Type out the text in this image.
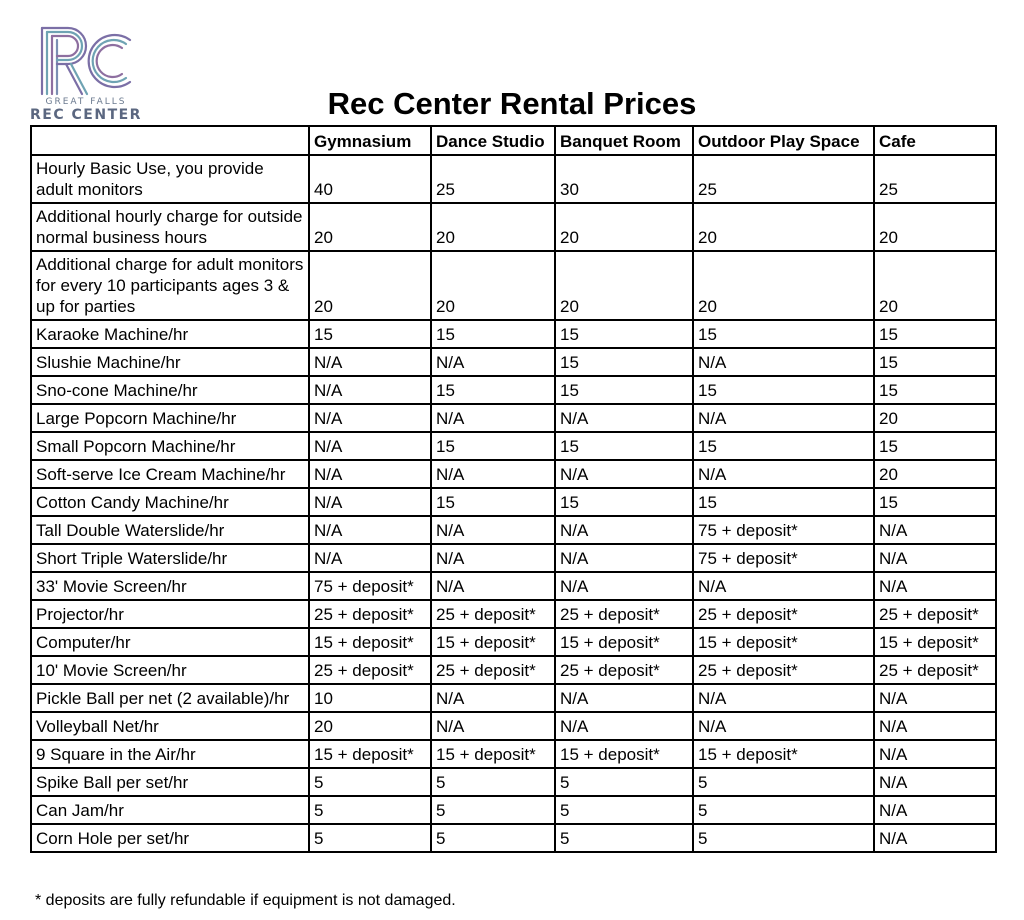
GREAT FALLS
REC CENTER	Rec Center Rental Prices
	Gymnasium	Dance Studio	Banquet Room	Outdoor Play Space	Cafe
Hourly Basic Use, you provide adult monitors	40	25	30	25	25
Additional hourly charge for outside normal business hours	20	20	20	20	20
Additional charge for adult monitors for every 10 participants ages 3 & up for parties	20	20	20	20	20
Karaoke Machine/hr	15	15	15	15	15
Slushie Machine/hr	N/A	N/A	15	N/A	15
Sno-cone Machine/hr	N/A	15	15	15	15
Large Popcorn Machine/hr	N/A	N/A	N/A	N/A	20
Small Popcorn Machine/hr	N/A	15	15	15	15
Soft-serve Ice Cream Machine/hr	N/A	N/A	N/A	N/A	20
Cotton Candy Machine/hr	N/A	15	15	15	15
Tall Double Waterslide/hr	N/A	N/A	N/A	75 + deposit*	N/A
Short Triple Waterslide/hr	N/A	N/A	N/A	75 + deposit*	N/A
33' Movie Screen/hr	75 + deposit*	N/A	N/A	N/A	N/A
Projector/hr	25 + deposit*	25 + deposit*	25 + deposit*	25 + deposit*	25 + deposit*
Computer/hr	15 + deposit*	15 + deposit*	15 + deposit*	15 + deposit*	15 + deposit*
10' Movie Screen/hr	25 + deposit*	25 + deposit*	25 + deposit*	25 + deposit*	25 + deposit*
Pickle Ball per net (2 available)/hr	10	N/A	N/A	N/A	N/A
Volleyball Net/hr	20	N/A	N/A	N/A	N/A
9 Square in the Air/hr	15 + deposit*	15 + deposit*	15 + deposit*	15 + deposit*	N/A
Spike Ball per set/hr	5	5	5	5	N/A
Can Jam/hr	5	5	5	5	N/A
Corn Hole per set/hr	5	5	5	5	N/A
* deposits are fully refundable if equipment is not damaged.
